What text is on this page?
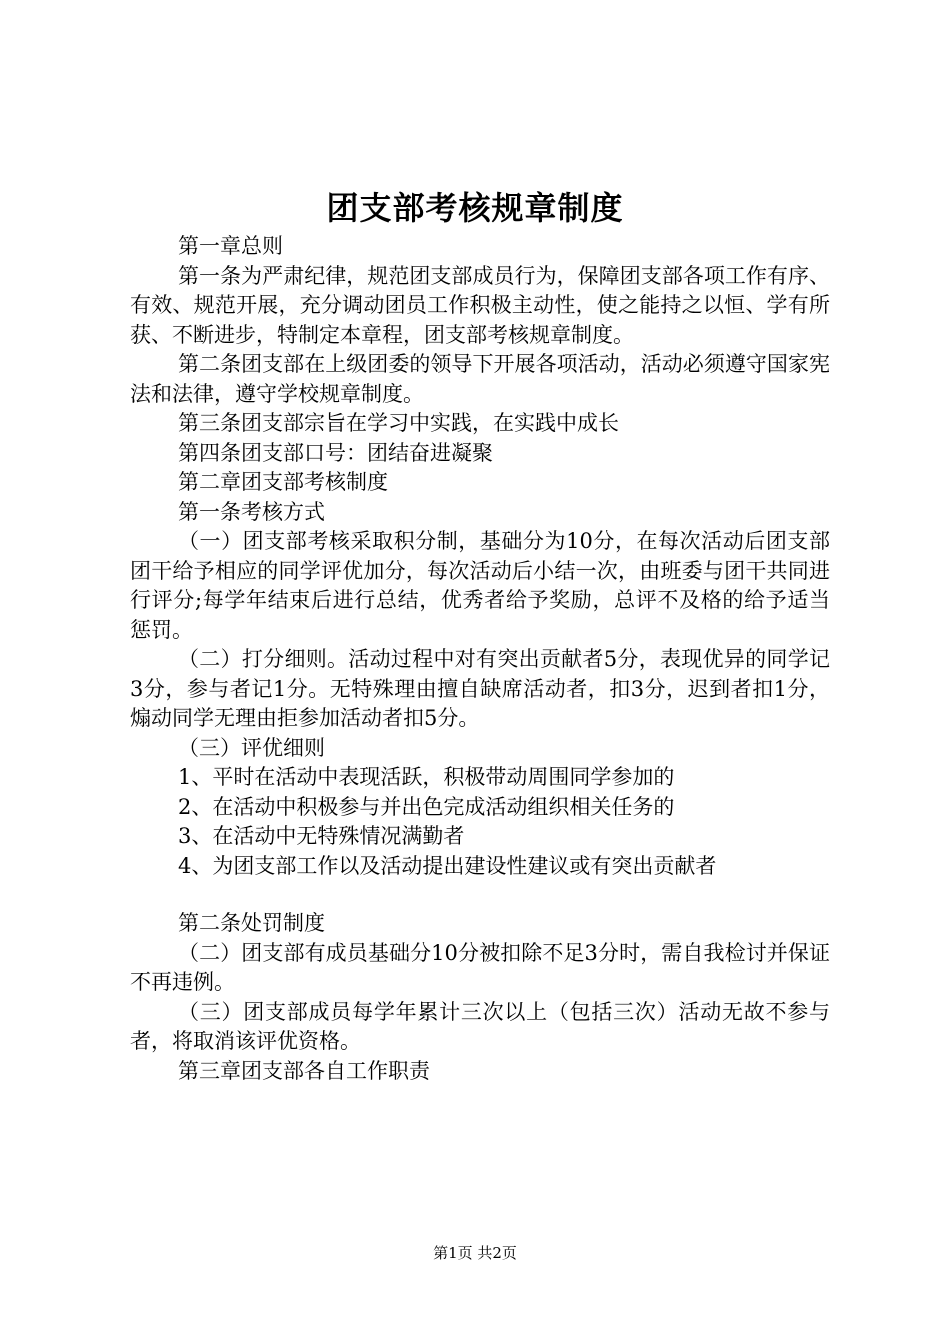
团支部考核规章制度

第一章总则

第一条为严肃纪律，规范团支部成员行为，保障团支部各项工作有序、有效、规范开展，充分调动团员工作积极主动性，使之能持之以恒、学有所获、不断进步，特制定本章程，团支部考核规章制度。

第二条团支部在上级团委的领导下开展各项活动，活动必须遵守国家宪法和法律，遵守学校规章制度。

第三条团支部宗旨在学习中实践，在实践中成长

第四条团支部口号：团结奋进凝聚

第二章团支部考核制度

第一条考核方式

（一）团支部考核采取积分制，基础分为10分，在每次活动后团支部团干给予相应的同学评优加分，每次活动后小结一次，由班委与团干共同进行评分;每学年结束后进行总结，优秀者给予奖励，总评不及格的给予适当惩罚。

（二）打分细则。活动过程中对有突出贡献者5分，表现优异的同学记3分，参与者记1分。无特殊理由擅自缺席活动者，扣3分，迟到者扣1分，煽动同学无理由拒参加活动者扣5分。

（三）评优细则

1、平时在活动中表现活跃，积极带动周围同学参加的

2、在活动中积极参与并出色完成活动组织相关任务的

3、在活动中无特殊情况满勤者

4、为团支部工作以及活动提出建设性建议或有突出贡献者

第二条处罚制度

（二）团支部有成员基础分10分被扣除不足3分时，需自我检讨并保证不再违例。

（三）团支部成员每学年累计三次以上（包括三次）活动无故不参与者，将取消该评优资格。

第三章团支部各自工作职责

第1页 共2页
